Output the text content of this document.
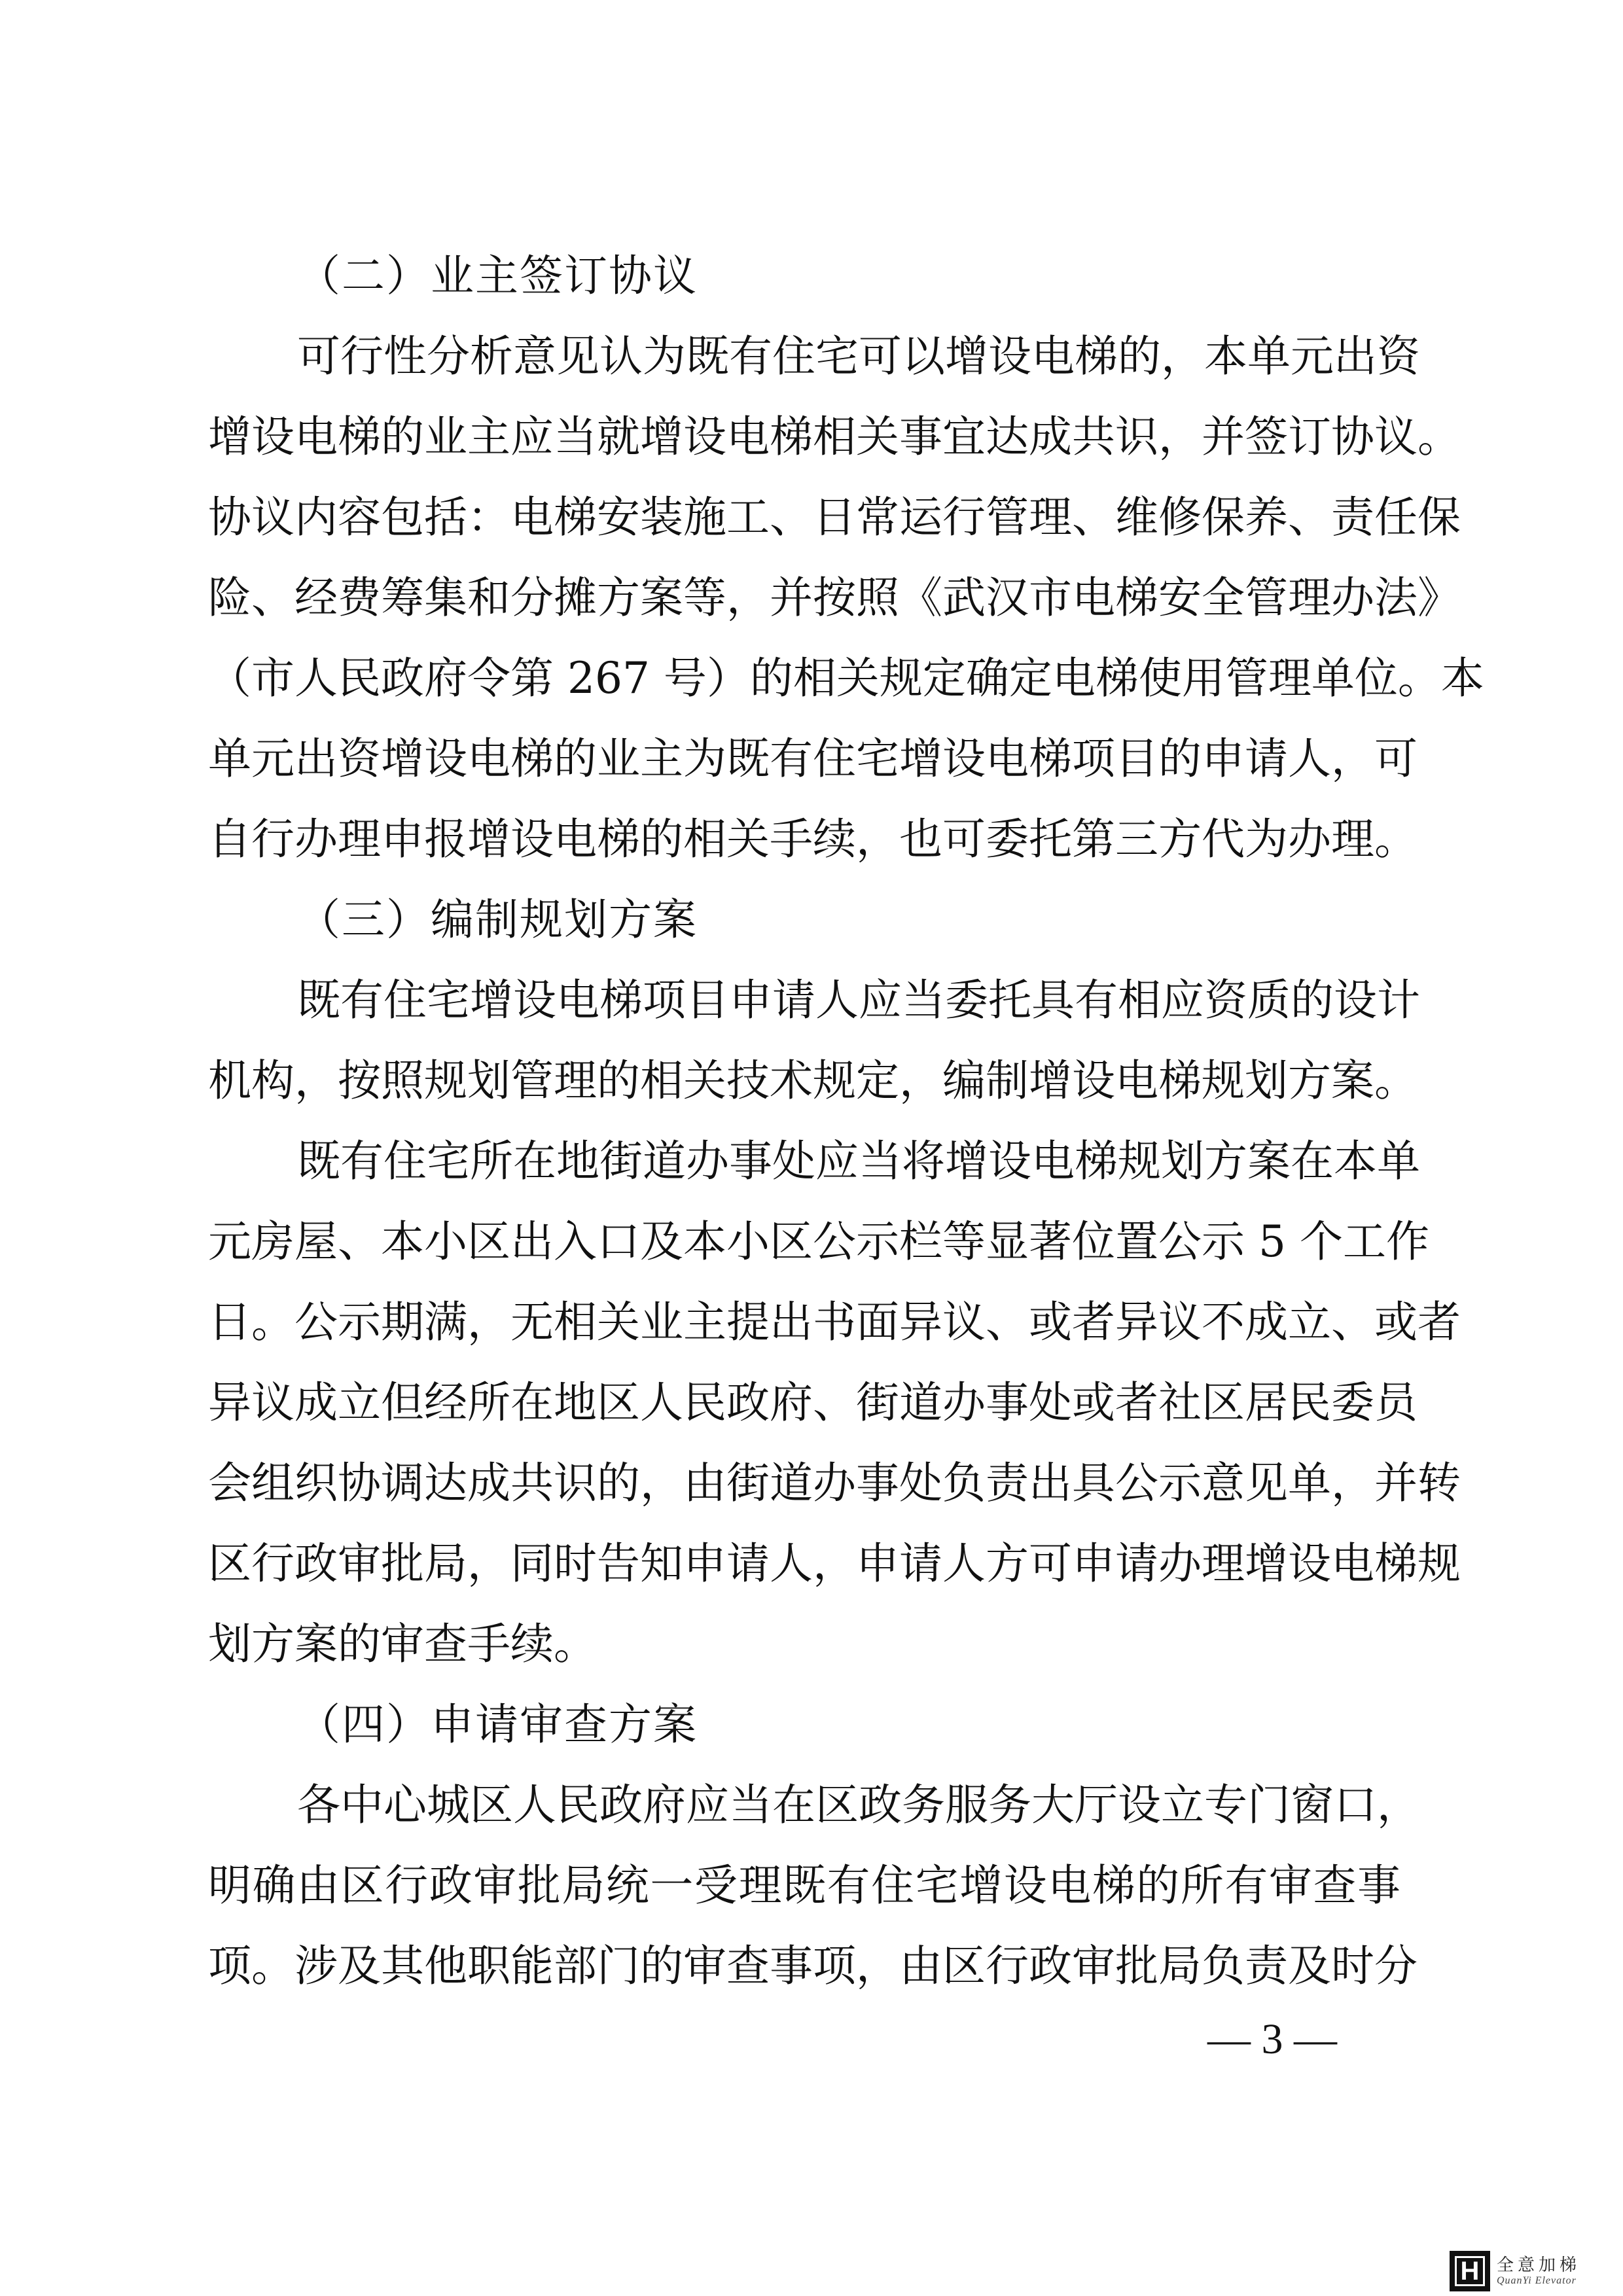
（二）业主签订协议
可行性分析意见认为既有住宅可以增设电梯的，本单元出资
增设电梯的业主应当就增设电梯相关事宜达成共识，并签订协议。
协议内容包括：电梯安装施工、日常运行管理、维修保养、责任保
险、经费筹集和分摊方案等，并按照《武汉市电梯安全管理办法》
（市人民政府令第 267 号）的相关规定确定电梯使用管理单位。本
单元出资增设电梯的业主为既有住宅增设电梯项目的申请人，可
自行办理申报增设电梯的相关手续，也可委托第三方代为办理。
（三）编制规划方案
既有住宅增设电梯项目申请人应当委托具有相应资质的设计
机构，按照规划管理的相关技术规定，编制增设电梯规划方案。
既有住宅所在地街道办事处应当将增设电梯规划方案在本单
元房屋、本小区出入口及本小区公示栏等显著位置公示 5 个工作
日。公示期满，无相关业主提出书面异议、或者异议不成立、或者
异议成立但经所在地区人民政府、街道办事处或者社区居民委员
会组织协调达成共识的，由街道办事处负责出具公示意见单，并转
区行政审批局，同时告知申请人，申请人方可申请办理增设电梯规
划方案的审查手续。
（四）申请审查方案
各中心城区人民政府应当在区政务服务大厅设立专门窗口，
明确由区行政审批局统一受理既有住宅增设电梯的所有审查事
项。涉及其他职能部门的审查事项，由区行政审批局负责及时分
— 3 —
H	全意加梯
QuanYi Elevator
